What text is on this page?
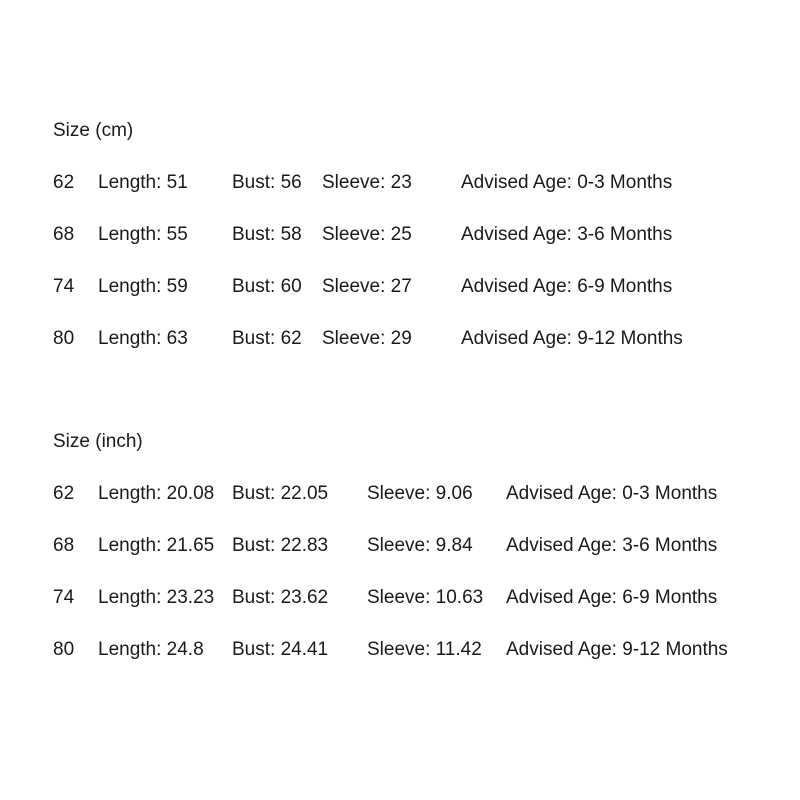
Size (cm)
62 Length: 51 Bust: 56 Sleeve: 23	Advised Age: 0-3 Months
68 Length: 55 Bust: 58 Sleeve: 25	Advised Age: 3-6 Months
74 Length: 59 Bust: 60 Sleeve: 27	Advised Age: 6-9 Months
80 Length: 63 Bust: 62 Sleeve: 29	Advised Age: 9-12 Months
Size (inch)
62 Length: 20.08 Bust: 22.05 Sleeve: 9.06 Advised Age: 0-3 Months
68 Length: 21.65 Bust: 22.83 Sleeve: 9.84 Advised Age: 3-6 Months
74 Length: 23.23 Bust: 23.62 Sleeve: 10.63 Advised Age: 6-9 Months
80 Length: 24.8 Bust: 24.41 Sleeve: 11.42 Advised Age: 9-12 Months
